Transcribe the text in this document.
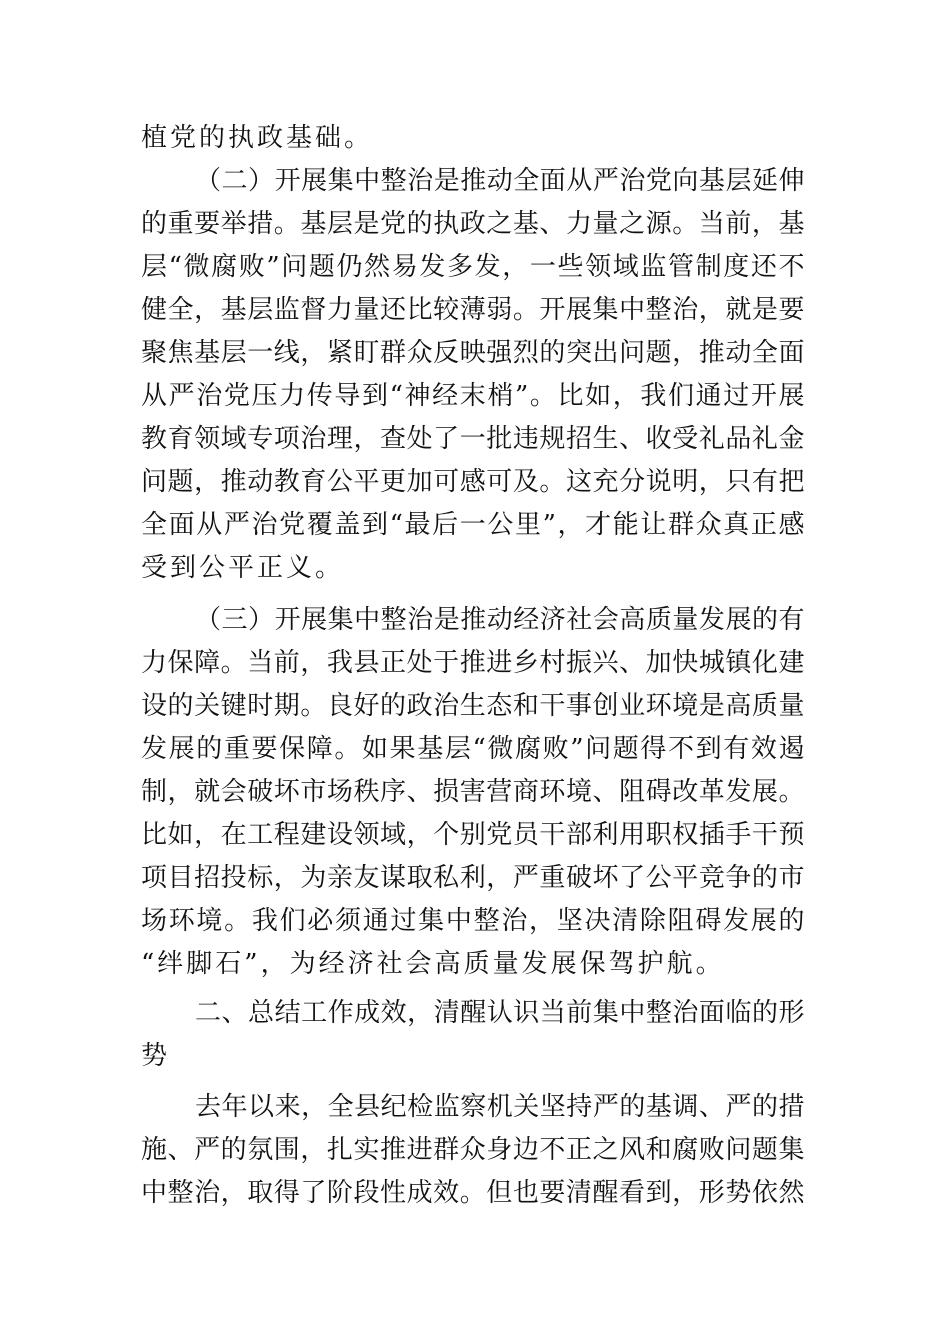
植党的执政基础。
（二）开展集中整治是推动全面从严治党向基层延伸
的重要举措。基层是党的执政之基、力量之源。当前，基
层“微腐败”问题仍然易发多发，一些领域监管制度还不
健全，基层监督力量还比较薄弱。开展集中整治，就是要
聚焦基层一线，紧盯群众反映强烈的突出问题，推动全面
从严治党压力传导到“神经末梢”。比如，我们通过开展
教育领域专项治理，查处了一批违规招生、收受礼品礼金
问题，推动教育公平更加可感可及。这充分说明，只有把
全面从严治党覆盖到“最后一公里”，才能让群众真正感
受到公平正义。
（三）开展集中整治是推动经济社会高质量发展的有
力保障。当前，我县正处于推进乡村振兴、加快城镇化建
设的关键时期。良好的政治生态和干事创业环境是高质量
发展的重要保障。如果基层“微腐败”问题得不到有效遏
制，就会破坏市场秩序、损害营商环境、阻碍改革发展。
比如，在工程建设领域，个别党员干部利用职权插手干预
项目招投标，为亲友谋取私利，严重破坏了公平竞争的市
场环境。我们必须通过集中整治，坚决清除阻碍发展的
“绊脚石”，为经济社会高质量发展保驾护航。
二、总结工作成效，清醒认识当前集中整治面临的形
势
去年以来，全县纪检监察机关坚持严的基调、严的措
施、严的氛围，扎实推进群众身边不正之风和腐败问题集
中整治，取得了阶段性成效。但也要清醒看到，形势依然
